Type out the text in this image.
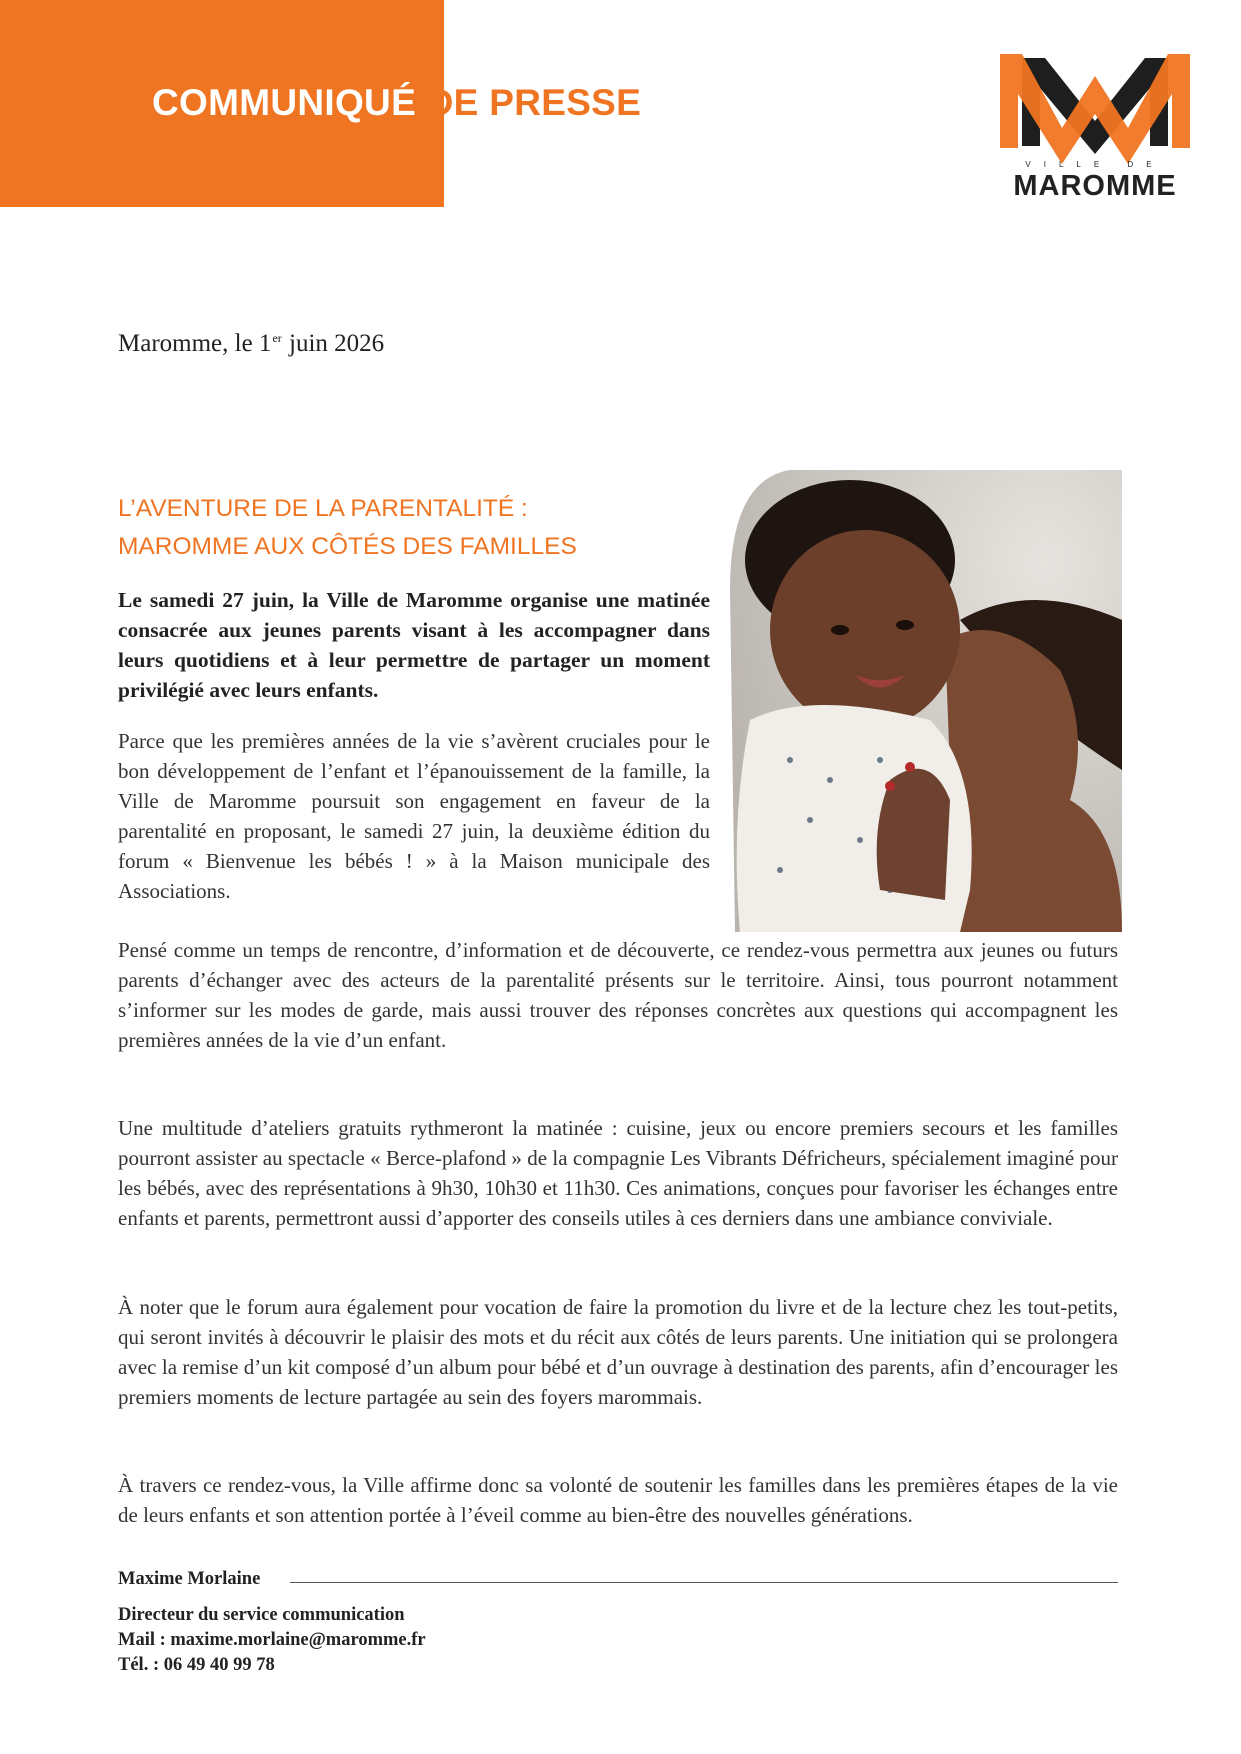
COMMUNIQUÉ DE PRESSE
VILLE DE
MAROMME
Maromme, le 1er juin 2026
L’AVENTURE DE LA PARENTALITÉ :
MAROMME AUX CÔTÉS DES FAMILLES
Le samedi 27 juin, la Ville de Maromme organise une matinée consacrée aux jeunes parents visant à les accompagner dans leurs quotidiens et à leur permettre de partager un moment privilégié avec leurs enfants.
Parce que les premières années de la vie s’avèrent cruciales pour le bon développement de l’enfant et l’épanouissement de la famille, la Ville de Maromme poursuit son engagement en faveur de la parentalité en proposant, le samedi 27 juin, la deuxième édition du forum « Bienvenue les bébés ! » à la Maison municipale des Associations.
Pensé comme un temps de rencontre, d’information et de découverte, ce rendez-vous permettra aux jeunes ou futurs parents d’échanger avec des acteurs de la parentalité présents sur le territoire. Ainsi, tous pourront notamment s’informer sur les modes de garde, mais aussi trouver des réponses concrètes aux questions qui accompagnent les premières années de la vie d’un enfant.
Une multitude d’ateliers gratuits rythmeront la matinée : cuisine, jeux ou encore premiers secours et les familles pourront assister au spectacle « Berce-plafond » de la compagnie Les Vibrants Défricheurs, spécialement imaginé pour les bébés, avec des représentations à 9h30, 10h30 et 11h30. Ces animations, conçues pour favoriser les échanges entre enfants et parents, permettront aussi d’apporter des conseils utiles à ces derniers dans une ambiance conviviale.
À noter que le forum aura également pour vocation de faire la promotion du livre et de la lecture chez les tout-petits, qui seront invités à découvrir le plaisir des mots et du récit aux côtés de leurs parents. Une initiation qui se prolongera avec la remise d’un kit composé d’un album pour bébé et d’un ouvrage à destination des parents, afin d’encourager les premiers moments de lecture partagée au sein des foyers marommais.
À travers ce rendez-vous, la Ville affirme donc sa volonté de soutenir les familles dans les premières étapes de la vie de leurs enfants et son attention portée à l’éveil comme au bien-être des nouvelles générations.
Maxime Morlaine
Directeur du service communication
Mail : maxime.morlaine@maromme.fr
Tél. : 06 49 40 99 78
